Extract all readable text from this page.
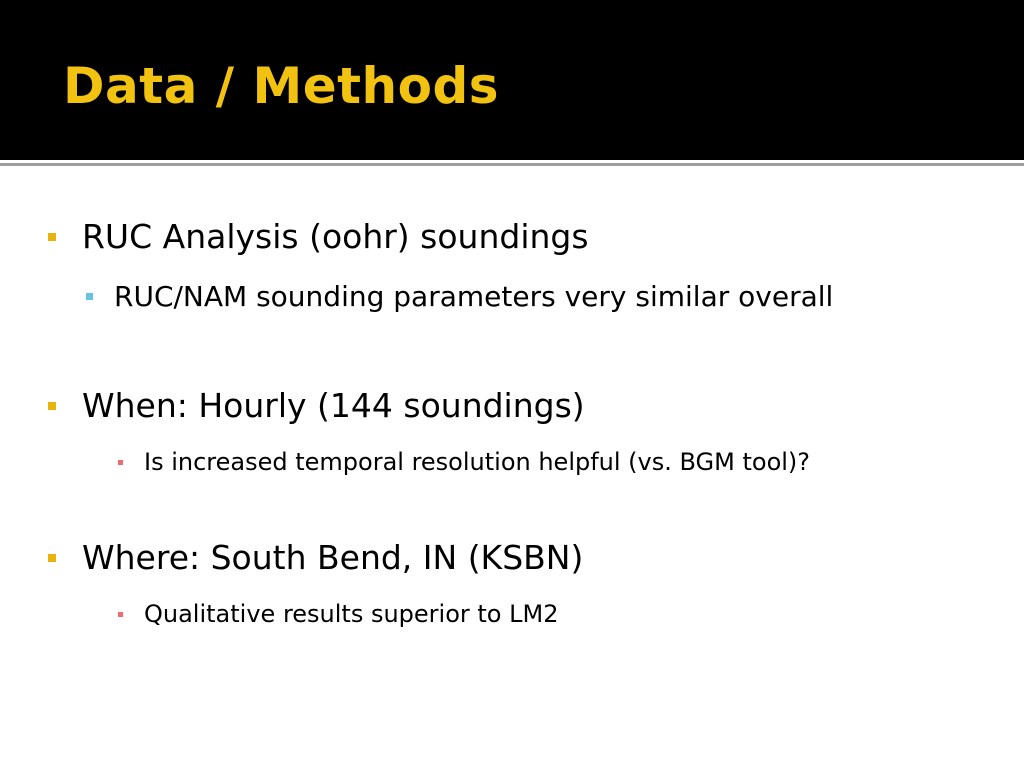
Data / Methods
RUC Analysis (oohr) soundings
RUC/NAM sounding parameters very similar overall
When: Hourly (144 soundings)
Is increased temporal resolution helpful (vs. BGM tool)?
Where: South Bend, IN (KSBN)
Qualitative results superior to LM2
